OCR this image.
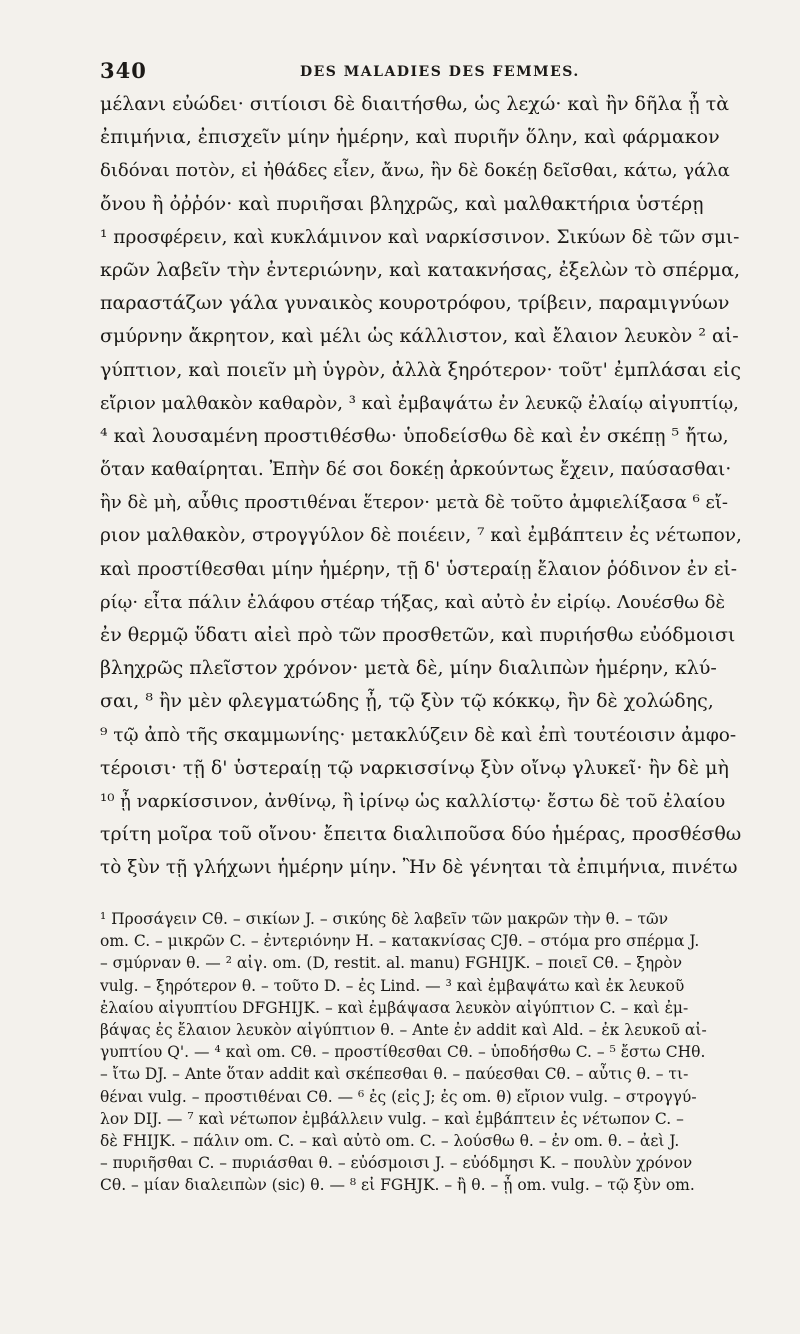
340	DES MALADIES DES FEMMES.
μέλανι εὐώδει· σιτίοισι δὲ διαιτήσθω, ὡς λεχώ· καὶ ἢν δῆλα ᾖ τὰ
ἐπιμήνια, ἐπισχεῖν μίην ἡμέρην, καὶ πυριῆν ὅλην, καὶ φάρμακον
διδόναι ποτὸν, εἰ ἠθάδες εἶεν, ἄνω, ἢν δὲ δοκέῃ δεῖσθαι, κάτω, γάλα
ὄνου ἢ ὀῤῥόν· καὶ πυριῆσαι βληχρῶς, καὶ μαλθακτήρια ὑστέρῃ
¹ προσφέρειν, καὶ κυκλάμινον καὶ ναρκίσσινον. Σικύων δὲ τῶν σμι-
κρῶν λαβεῖν τὴν ἐντεριώνην, καὶ κατακνήσας, ἐξελὼν τὸ σπέρμα,
παραστάζων γάλα γυναικὸς κουροτρόφου, τρίβειν, παραμιγνύων
σμύρνην ἄκρητον, καὶ μέλι ὡς κάλλιστον, καὶ ἔλαιον λευκὸν ² αἰ-
γύπτιον, καὶ ποιεῖν μὴ ὑγρὸν, ἀλλὰ ξηρότερον· τοῦτ' ἐμπλάσαι εἰς
εἴριον μαλθακὸν καθαρὸν, ³ καὶ ἐμβαψάτω ἐν λευκῷ ἐλαίῳ αἰγυπτίῳ,
⁴ καὶ λουσαμένη προστιθέσθω· ὑποδείσθω δὲ καὶ ἐν σκέπῃ ⁵ ἤτω,
ὅταν καθαίρηται. Ἐπὴν δέ σοι δοκέῃ ἀρκούντως ἔχειν, παύσασθαι·
ἢν δὲ μὴ, αὖθις προστιθέναι ἕτερον· μετὰ δὲ τοῦτο ἀμφιελίξασα ⁶ εἴ-
ριον μαλθακὸν, στρογγύλον δὲ ποιέειν, ⁷ καὶ ἐμβάπτειν ἐς νέτωπον,
καὶ προστίθεσθαι μίην ἡμέρην, τῇ δ' ὑστεραίῃ ἔλαιον ῥόδινον ἐν εἰ-
ρίῳ· εἶτα πάλιν ἐλάφου στέαρ τήξας, καὶ αὐτὸ ἐν εἰρίῳ. Λουέσθω δὲ
ἐν θερμῷ ὕδατι αἰεὶ πρὸ τῶν προσθετῶν, καὶ πυριήσθω εὐόδμοισι
βληχρῶς πλεῖστον χρόνον· μετὰ δὲ, μίην διαλιπὼν ἡμέρην, κλύ-
σαι, ⁸ ἢν μὲν φλεγματώδης ᾖ, τῷ ξὺν τῷ κόκκῳ, ἢν δὲ χολώδης,
⁹ τῷ ἀπὸ τῆς σκαμμωνίης· μετακλύζειν δὲ καὶ ἐπὶ τουτέοισιν ἀμφο-
τέροισι· τῇ δ' ὑστεραίῃ τῷ ναρκισσίνῳ ξὺν οἴνῳ γλυκεῖ· ἢν δὲ μὴ
¹⁰ ᾖ ναρκίσσινον, ἀνθίνῳ, ἢ ἰρίνῳ ὡς καλλίστῳ· ἔστω δὲ τοῦ ἐλαίου
τρίτη μοῖρα τοῦ οἴνου· ἔπειτα διαλιποῦσα δύο ἡμέρας, προσθέσθω
τὸ ξὺν τῇ γλήχωνι ἡμέρην μίην. Ἢν δὲ γένηται τὰ ἐπιμήνια, πινέτω
¹ Προσάγειν Cθ. – σικίων J. – σικύης δὲ λαβεῖν τῶν μακρῶν τὴν θ. – τῶν
om. C. – μικρῶν C. – ἐντεριόνην H. – κατακνίσας CJθ. – στόμα pro σπέρμα J.
– σμύρναν θ. — ² αἰγ. om. (D, restit. al. manu) FGHIJK. – ποιεῖ Cθ. – ξηρὸν
vulg. – ξηρότερον θ. – τοῦτο D. – ἐς Lind. — ³ καὶ ἐμβαψάτω καὶ ἐκ λευκοῦ
ἐλαίου αἰγυπτίου DFGHIJK. – καὶ ἐμβάψασα λευκὸν αἰγύπτιον C. – καὶ ἐμ-
βάψας ἐς ἔλαιον λευκὸν αἰγύπτιον θ. – Ante ἐν addit καὶ Ald. – ἐκ λευκοῦ αἰ-
γυπτίου Q'. — ⁴ καὶ om. Cθ. – προστίθεσθαι Cθ. – ὑποδήσθω C. – ⁵ ἔστω CHθ.
– ἴτω DJ. – Ante ὅταν addit καὶ σκέπεσθαι θ. – παύεσθαι Cθ. – αὖτις θ. – τι-
θέναι vulg. – προστιθέναι Cθ. — ⁶ ἐς (εἰς J; ἐς om. θ) εἴριον vulg. – στρογγύ-
λον DIJ. — ⁷ καὶ νέτωπον ἐμβάλλειν vulg. – καὶ ἐμβάπτειν ἐς νέτωπον C. –
δὲ FHIJK. – πάλιν om. C. – καὶ αὐτὸ om. C. – λούσθω θ. – ἐν om. θ. – ἀεὶ J.
– πυριῆσθαι C. – πυριάσθαι θ. – εὐόσμοισι J. – εὐόδμησι K. – πουλὺν χρόνον
Cθ. – μίαν διαλειπὼν (sic) θ. — ⁸ εἰ FGHJK. – ἢ θ. – ᾖ om. vulg. – τῷ ξὺν om.
